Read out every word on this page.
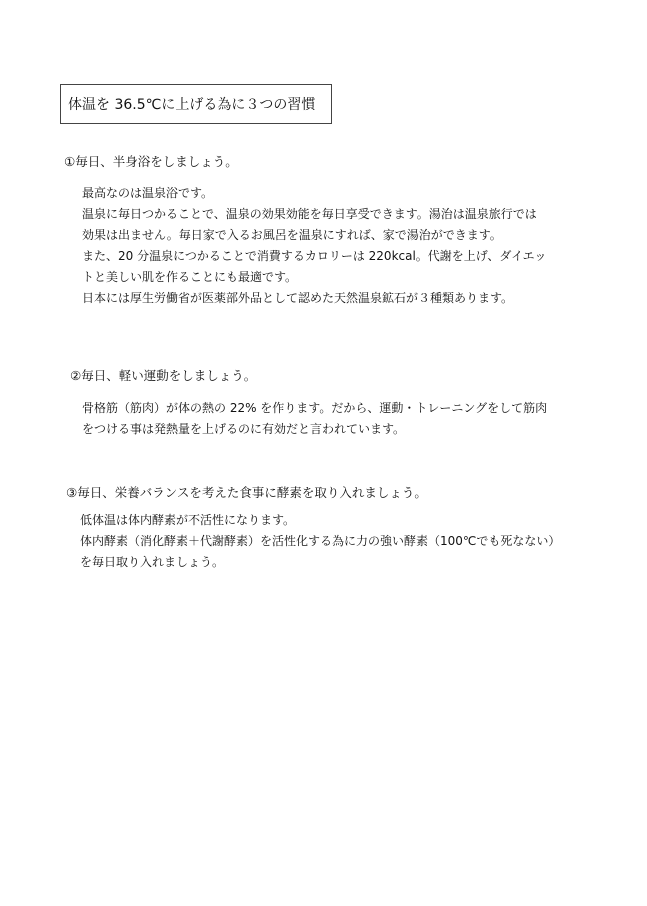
体温を 36.5℃に上げる為に３つの習慣
①毎日、半身浴をしましょう。
最高なのは温泉浴です。
温泉に毎日つかることで、温泉の効果効能を毎日享受できます。湯治は温泉旅行では
効果は出ません。毎日家で入るお風呂を温泉にすれば、家で湯治ができます。
また、20 分温泉につかることで消費するカロリーは 220kcal。代謝を上げ、ダイエッ
トと美しい肌を作ることにも最適です。
日本には厚生労働省が医薬部外品として認めた天然温泉鉱石が３種類あります。
②毎日、軽い運動をしましょう。
骨格筋（筋肉）が体の熱の 22% を作ります。だから、運動・トレーニングをして筋肉
をつける事は発熱量を上げるのに有効だと言われています。
③毎日、栄養バランスを考えた食事に酵素を取り入れましょう。
低体温は体内酵素が不活性になります。
体内酵素（消化酵素＋代謝酵素）を活性化する為に力の強い酵素（100℃でも死なない）
を毎日取り入れましょう。
